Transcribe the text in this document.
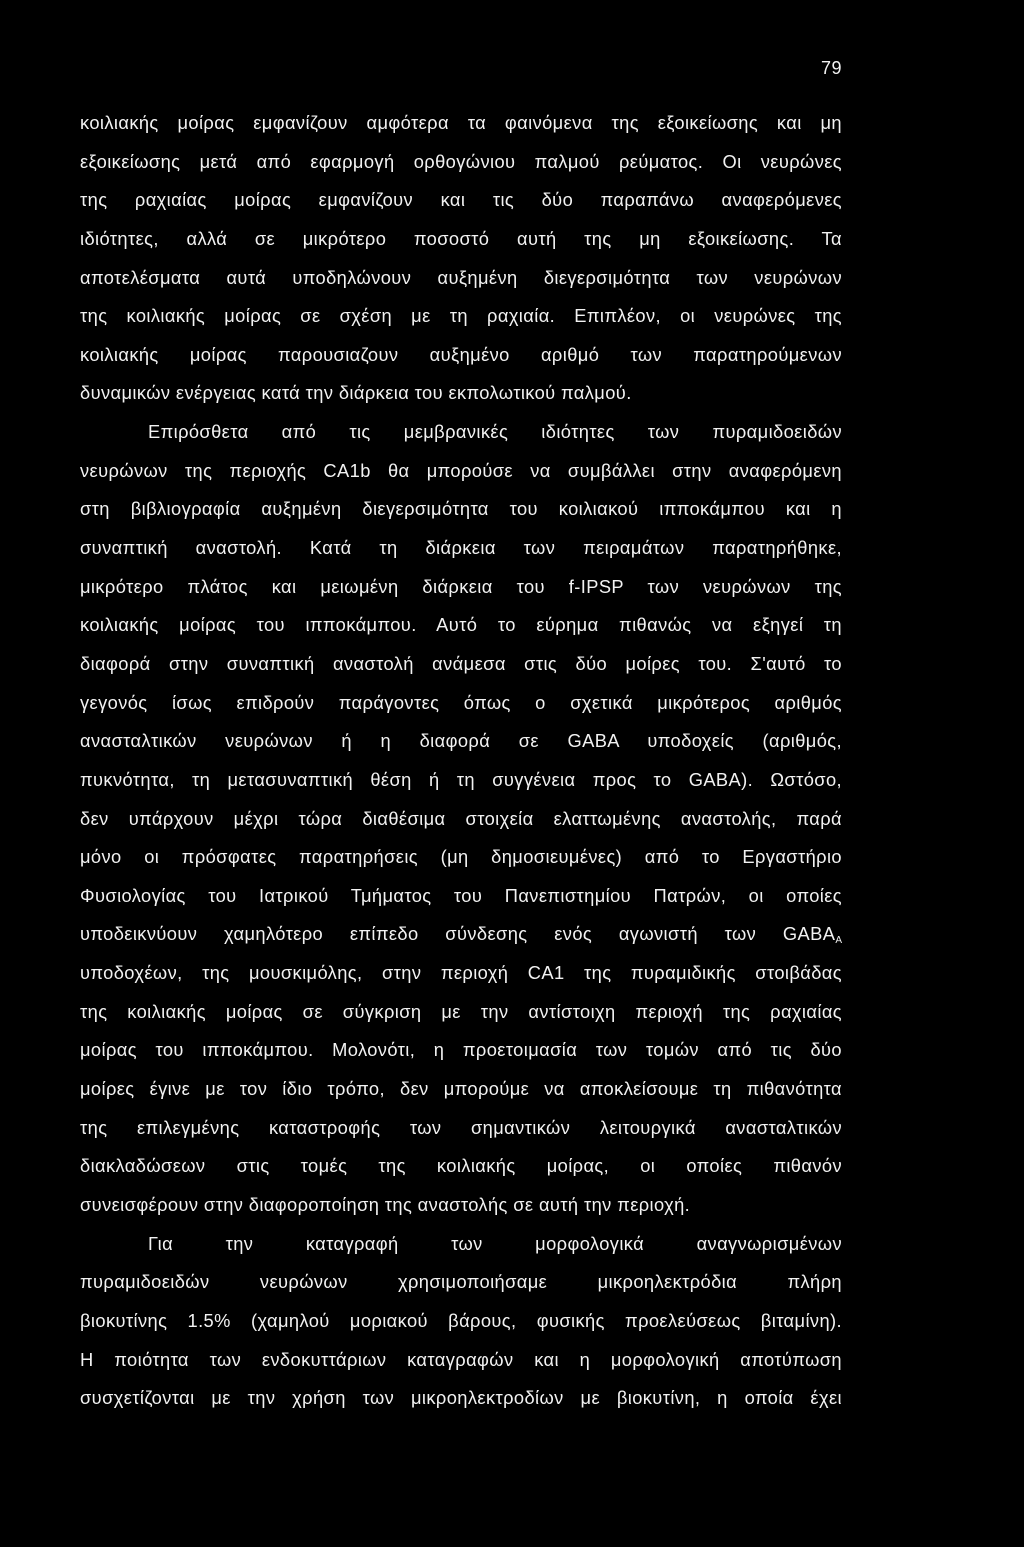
79
κοιλιακής μοίρας εμφανίζουν αμφότερα τα φαινόμενα της εξοικείωσης και μη
εξοικείωσης μετά από εφαρμογή ορθογώνιου παλμού ρεύματος. Οι νευρώνες
της ραχιαίας μοίρας εμφανίζουν και τις δύο παραπάνω αναφερόμενες
ιδιότητες, αλλά σε μικρότερο ποσοστό αυτή της μη εξοικείωσης. Τα
αποτελέσματα αυτά υποδηλώνουν αυξημένη διεγερσιμότητα των νευρώνων
της κοιλιακής μοίρας σε σχέση με τη ραχιαία. Επιπλέον, οι νευρώνες της
κοιλιακής μοίρας παρουσιαζουν αυξημένο αριθμό των παρατηρούμενων
δυναμικών ενέργειας κατά την διάρκεια του εκπολωτικού παλμού.
Επιρόσθετα από τις μεμβρανικές ιδιότητες των πυραμιδοειδών
νευρώνων της περιοχής CA1b θα μπορούσε να συμβάλλει στην αναφερόμενη
στη βιβλιογραφία αυξημένη διεγερσιμότητα του κοιλιακού ιπποκάμπου και η
συναπτική αναστολή. Κατά τη διάρκεια των πειραμάτων παρατηρήθηκε,
μικρότερο πλάτος και μειωμένη διάρκεια του f-IPSP των νευρώνων της
κοιλιακής μοίρας του ιπποκάμπου. Αυτό το εύρημα πιθανώς να εξηγεί τη
διαφορά στην συναπτική αναστολή ανάμεσα στις δύο μοίρες του. Σ'αυτό το
γεγονός ίσως επιδρούν παράγοντες όπως ο σχετικά μικρότερος αριθμός
ανασταλτικών νευρώνων ή η διαφορά σε GABA υποδοχείς (αριθμός,
πυκνότητα, τη μετασυναπτική θέση ή τη συγγένεια προς το GABA). Ωστόσο,
δεν υπάρχουν μέχρι τώρα διαθέσιμα στοιχεία ελαττωμένης αναστολής, παρά
μόνο οι πρόσφατες παρατηρήσεις (μη δημοσιευμένες) από το Εργαστήριο
Φυσιολογίας του Ιατρικού Τμήματος του Πανεπιστημίου Πατρών, οι οποίες
υποδεικνύουν χαμηλότερο επίπεδο σύνδεσης ενός αγωνιστή των $GABA_A$
υποδοχέων, της μουσκιμόλης, στην περιοχή CA1 της πυραμιδικής στοιβάδας
της κοιλιακής μοίρας σε σύγκριση με την αντίστοιχη περιοχή της ραχιαίας
μοίρας του ιπποκάμπου. Μολονότι, η προετοιμασία των τομών από τις δύο
μοίρες έγινε με τον ίδιο τρόπο, δεν μπορούμε να αποκλείσουμε τη πιθανότητα
της επιλεγμένης καταστροφής των σημαντικών λειτουργικά ανασταλτικών
διακλαδώσεων στις τομές της κοιλιακής μοίρας, οι οποίες πιθανόν
συνεισφέρουν στην διαφοροποίηση της αναστολής σε αυτή την περιοχή.
Για την καταγραφή των μορφολογικά αναγνωρισμένων
πυραμιδοειδών νευρώνων χρησιμοποιήσαμε μικροηλεκτρόδια πλήρη
βιοκυτίνης 1.5% (χαμηλού μοριακού βάρους, φυσικής προελεύσεως βιταμίνη).
Η ποιότητα των ενδοκυττάριων καταγραφών και η μορφολογική αποτύπωση
συσχετίζονται με την χρήση των μικροηλεκτροδίων με βιοκυτίνη, η οποία έχει
